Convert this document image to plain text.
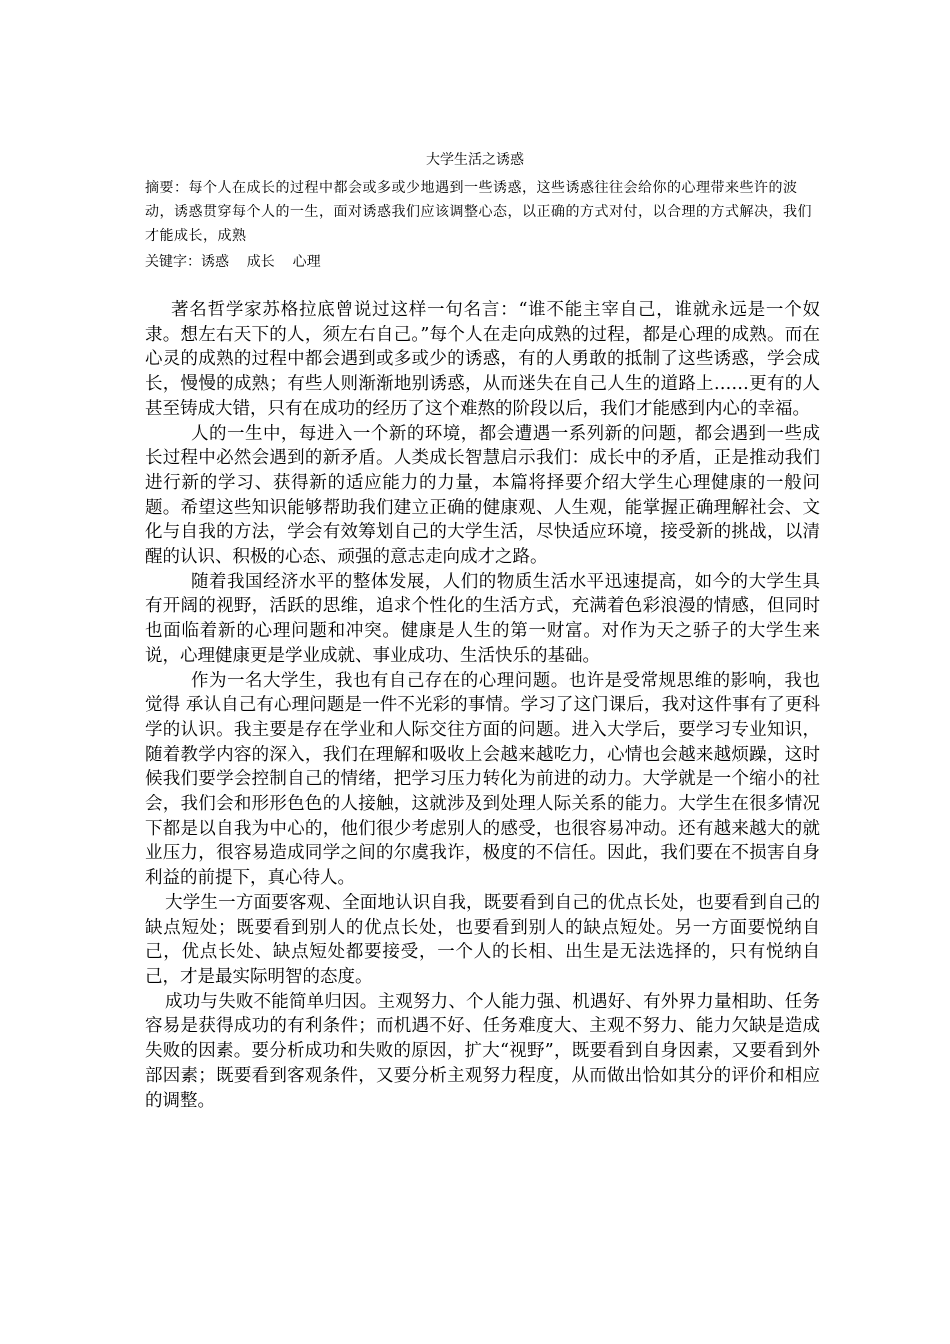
大学生活之诱惑
摘要：每个人在成长的过程中都会或多或少地遇到一些诱惑，这些诱惑往往会给你的心理带来些许的波动，诱惑贯穿每个人的一生，面对诱惑我们应该调整心态，以正确的方式对付，以合理的方式解决，我们才能成长，成熟
关键字：诱惑    成长    心理

著名哲学家苏格拉底曾说过这样一句名言：“谁不能主宰自己，谁就永远是一个奴隶。想左右天下的人，须左右自己。”每个人在走向成熟的过程，都是心理的成熟。而在心灵的成熟的过程中都会遇到或多或少的诱惑，有的人勇敢的抵制了这些诱惑，学会成长，慢慢的成熟；有些人则渐渐地别诱惑，从而迷失在自己人生的道路上……更有的人甚至铸成大错，只有在成功的经历了这个难熬的阶段以后，我们才能感到内心的幸福。

人的一生中，每进入一个新的环境，都会遭遇一系列新的问题，都会遇到一些成长过程中必然会遇到的新矛盾。人类成长智慧启示我们：成长中的矛盾，正是推动我们进行新的学习、获得新的适应能力的力量，本篇将择要介绍大学生心理健康的一般问题。希望这些知识能够帮助我们建立正确的健康观、人生观，能掌握正确理解社会、文化与自我的方法，学会有效筹划自己的大学生活，尽快适应环境，接受新的挑战，以清醒的认识、积极的心态、顽强的意志走向成才之路。

随着我国经济水平的整体发展，人们的物质生活水平迅速提高，如今的大学生具有开阔的视野，活跃的思维，追求个性化的生活方式，充满着色彩浪漫的情感，但同时也面临着新的心理问题和冲突。健康是人生的第一财富。对作为天之骄子的大学生来说，心理健康更是学业成就、事业成功、生活快乐的基础。

作为一名大学生，我也有自己存在的心理问题。也许是受常规思维的影响，我也觉得 承认自己有心理问题是一件不光彩的事情。学习了这门课后，我对这件事有了更科学的认识。我主要是存在学业和人际交往方面的问题。进入大学后，要学习专业知识，随着教学内容的深入，我们在理解和吸收上会越来越吃力，心情也会越来越烦躁，这时候我们要学会控制自己的情绪，把学习压力转化为前进的动力。大学就是一个缩小的社会，我们会和形形色色的人接触，这就涉及到处理人际关系的能力。大学生在很多情况下都是以自我为中心的，他们很少考虑别人的感受，也很容易冲动。还有越来越大的就业压力，很容易造成同学之间的尔虞我诈，极度的不信任。因此，我们要在不损害自身利益的前提下，真心待人。

大学生一方面要客观、全面地认识自我，既要看到自己的优点长处，也要看到自己的缺点短处；既要看到别人的优点长处，也要看到别人的缺点短处。另一方面要悦纳自己，优点长处、缺点短处都要接受，一个人的长相、出生是无法选择的，只有悦纳自己，才是最实际明智的态度。

成功与失败不能简单归因。主观努力、个人能力强、机遇好、有外界力量相助、任务容易是获得成功的有利条件；而机遇不好、任务难度大、主观不努力、能力欠缺是造成失败的因素。要分析成功和失败的原因，扩大“视野”，既要看到自身因素，又要看到外部因素；既要看到客观条件，又要分析主观努力程度，从而做出恰如其分的评价和相应的调整。
